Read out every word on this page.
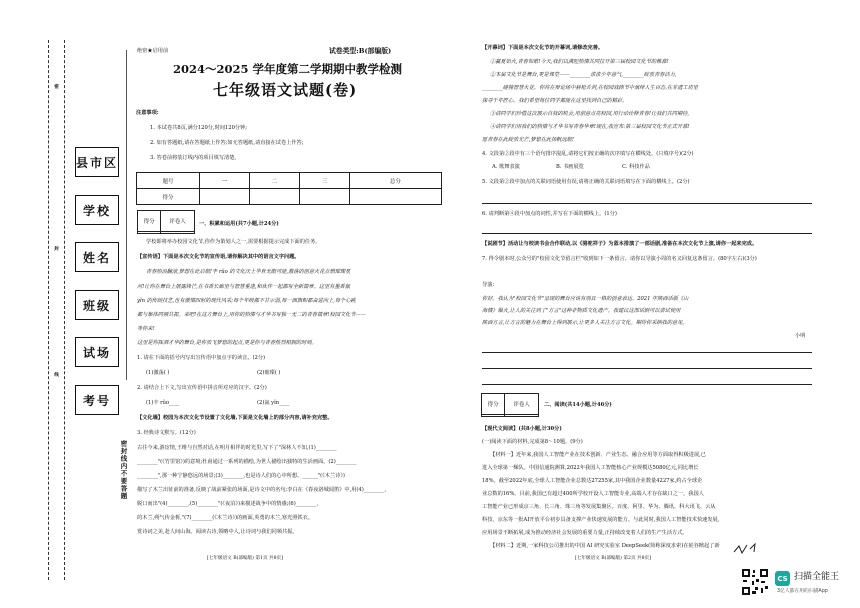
密
封
线
密封线内不要答题
县市区
学校
姓名
班级
试场
考号
绝密★启用前	试卷类型:B(部编版)
2024～2025 学年度第二学期期中教学检测
七年级语文试题(卷)
注意事项:
1. 本试卷共8页,满分120分,时间120分钟;
2. 如有答题纸,请在答题纸上作答;如无答题纸,请直接在试卷上作答;
3. 答卷前将装订线内的项目填写清楚。
题号	一	二	三	总分
得分				
得分	评卷人
		一、积累和运用(共7小题,计24分)
学校即将举办校园文化节,你作为策划人之一,需要根据提示完成下面的任务。
【宣传语】下面是本次文化节的宣传语,请你解决其中的语言文字问题。
青春热浪翻滚,梦想在此启航!丰 rǔo 的文化沃土孕育无限可能,激荡的创意火花点燃璀璨星
河!让你在舞台上展露锋芒,在书香长廊里与智慧重逢,和伙伴一起都写全新篇章。这里有墨香氤
yǐn 的传统技艺,也有激情四射的现代风采;每个年级都不甘示弱,每一面旗帜都奋进向上,每个心跳
都与集体同频共振。来吧!在这方舞台上,用你的热情与才华书写独一无二的青春篇章!校园文化节——
等你来!
这里是你挥洒才华的舞台,是你放飞梦想的起点,更是你与青春热烈相拥的时刻。
1. 请在下面的括号内写出宣传语中加点字的读音。(2分)
(1)激荡( )	(2)璀璨( )
2. 请结合上下文,写出宣传语中拼音所对应的汉字。(2分)
(1)丰 rǔo____	(2)氤 yǐn____
【文化墙】校园为本次文化节设置了文化墙,下面是文化墙上的部分内容,请补充完整。
3. 经典诗文默写。(12分)
古往今来,游宦情,王维与自然对话,在明月相伴的时光里,写下了"深林人不知,(1)________
________"(《竹里馆》)的意境;杜甫通过一系列的描绘,为世人描绘出独特的生活画面。(2)________
________",那一种宁静悠远的场景;(3)________,也是诗人们的心中所想。______"(《木兰诗》)
描写了木兰出征前的准备,反映了战前紧张的场面,是诗文中的名句;李白在《春夜洛城闻笛》中,用(4)________,
脱口而出"(4)________,(5)________"(《夜泊》)来描述战争中的情感;(6)________,
的木兰,朔气传金柝,"(7)________(《木兰诗》)的画面,英勇的木兰,寒光照铁衣。
赏诗词之美,赴人间山海。阅读古诗,领略中人,让诗词与我们同频共振。
[七年级语文 B(部编版) 第1页 共8页]
【开幕词】下面是本次文化节的开幕词,请修改完善。
①赢夏如火,青春如歌!今天,我们以满腔热情共同拉开第三届校园文化节的帷幕!
②本届文化节是舞台,更是课堂——________浓浓少年意气,________绽放青春活力,
________碰撞智慧火花。你将在辩论场中唇枪舌剑,在校园戏剧节中演绎人生百态,在非遗工坊里
探寻千年匠心。我们希望每位同学都能在这里找到自己的精彩。
③请同学们珍惜这次展示自我的机会,用创意点亮校园,用行动诠释青春!让我们共同期待,
④请同学们用我们的热情与才华书写青春华章!现在,我宣布:第三届校园文化节正式开幕!
愿青春在此绽放光芒,梦想在此扬帆远航!
4. 文段第②段中有三个语句排序混乱,请将它们按正确的次序填写在横线处。(只填序号)(2分)
A. 歌舞表演	B. 书画展览	C. 科技作品
5. 文段第②段中加点的关联词语使用有误,请将正确的关联词语填写在下面的横线上。(2分)
6. 请判断第④段中加点的词性,并写在下面的横线上。(1分)
【说剧节】活动让与校读书会合作联动,以《骆驼祥子》为蓝本排演了一部话剧,准备在本次文化节上演,请你一起来完成。
7. 得令剧本时,公众号的"校园文化节留言栏"收到如下一条留言。请你以导演小周的名义回复这条留言。(80字左右)(3分)
导演:
你好。我认为"校园文化节"呈现的舞台应该有别具一格的创意表达。2021 年陕西话版《山
海情》爆火,让人的关注到了"方言"这种非物质文化遗产。我建议这部话剧可以尝试使用
陕西方言,让方言的魅力在舞台上得到展示,让更多人关注方言文化。期待你采纳我的意见。
小明
得分	评卷人
		二、阅读(共14小题,计46分)
【现代文阅读】(共8小题,计30分)
(一)阅读下面的材料,完成第8～10题。(9分)
【材料一】近年来,我国人工智能产业在技术创新、产业生态、融合应用等方面取得积极进展,已
进入全球第一梯队。中国信通院测算,2022年我国人工智能核心产业规模达5080亿元,同比增长
18%。截至2022年底,全球人工智能企业总数达27255家,其中我国企业数量4227家,约占全球企
业总数的16%。目前,我国已有超过400所学校开设人工智能专业,高端人才存在缺口之一。我国人
工智能产业已形成京三角、长三角、珠三角等发展集聚区。百度、阿里、华为、腾讯、科大讯飞、云从
科技、京东等一批AI开放平台初步具备支撑产业快速发展的能力。与此同时,我国人工智能技术快速发展,
应用场景不断拓展,成为推动经济社会发展的重要力量,正持续改变着人们的生产生活方式。
【材料二】近期,一家科技公司推出的中国 AI 研究实验室 DeepSeek(简称深度求索)在硅谷掀起了新
[七年级语文 B(部编版) 第2页 共8页]
CS 扫描全能王
3亿人都在用的扫描App
